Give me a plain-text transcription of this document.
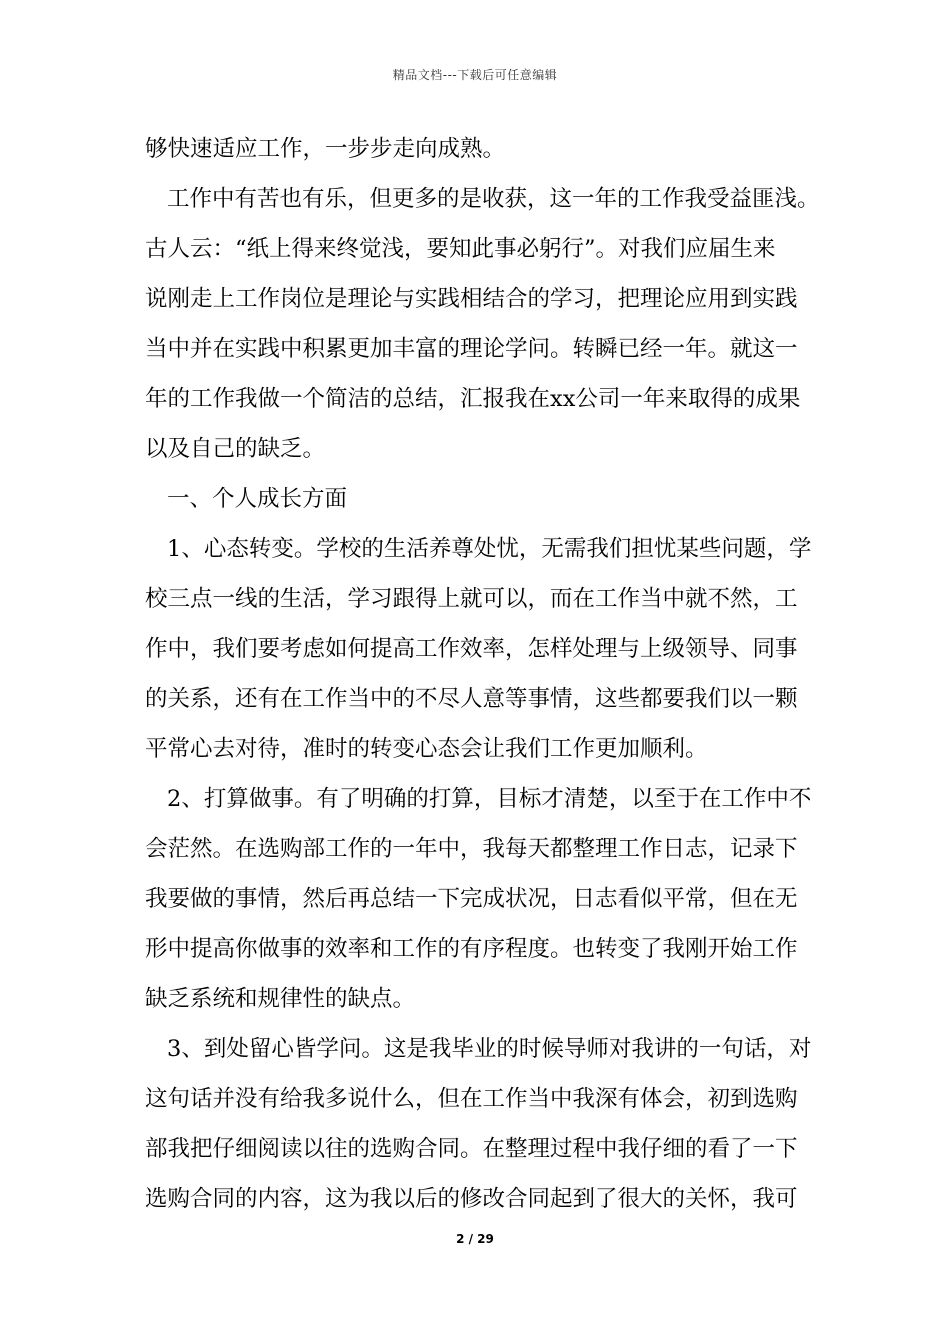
精品文档---下载后可任意编辑
够快速适应工作，一步步走向成熟。
工作中有苦也有乐，但更多的是收获，这一年的工作我受益匪浅。
古人云：“纸上得来终觉浅，要知此事必躬行”。对我们应届生来
说刚走上工作岗位是理论与实践相结合的学习，把理论应用到实践
当中并在实践中积累更加丰富的理论学问。转瞬已经一年。就这一
年的工作我做一个简洁的总结，汇报我在xx公司一年来取得的成果
以及自己的缺乏。
一、个人成长方面
1、心态转变。学校的生活养尊处忧，无需我们担忧某些问题，学
校三点一线的生活，学习跟得上就可以，而在工作当中就不然，工
作中，我们要考虑如何提高工作效率，怎样处理与上级领导、同事
的关系，还有在工作当中的不尽人意等事情，这些都要我们以一颗
平常心去对待，准时的转变心态会让我们工作更加顺利。
2、打算做事。有了明确的打算，目标才清楚，以至于在工作中不
会茫然。在选购部工作的一年中，我每天都整理工作日志，记录下
我要做的事情，然后再总结一下完成状况，日志看似平常，但在无
形中提高你做事的效率和工作的有序程度。也转变了我刚开始工作
缺乏系统和规律性的缺点。
3、到处留心皆学问。这是我毕业的时候导师对我讲的一句话，对
这句话并没有给我多说什么，但在工作当中我深有体会，初到选购
部我把仔细阅读以往的选购合同。在整理过程中我仔细的看了一下
选购合同的内容，这为我以后的修改合同起到了很大的关怀，我可
2 / 29
